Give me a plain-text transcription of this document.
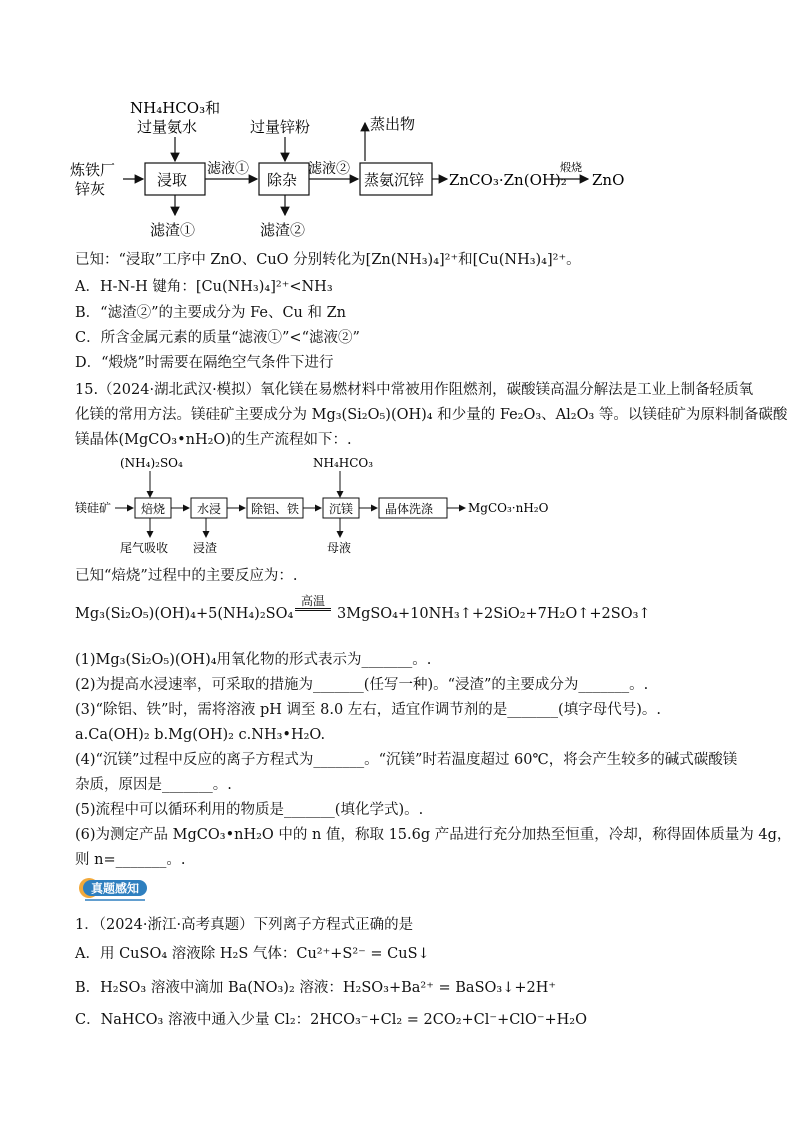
NH₄HCO₃和
过量氨水	过量锌粉	蒸出物
炼铁厂
锌灰	浸取
滤液①
除杂
滤液②
蒸氨沉锌 ZnCO₃·Zn(OH)₂
煅烧
ZnO
滤渣①	滤渣②
已知：“浸取”工序中 ZnO、CuO 分别转化为[Zn(NH₃)₄]²⁺和[Cu(NH₃)₄]²⁺。
A．H-N-H 键角：[Cu(NH₃)₄]²⁺<NH₃
B．“滤渣②”的主要成分为 Fe、Cu 和 Zn
C．所含金属元素的质量“滤液①”<“滤液②”
D．“煅烧”时需要在隔绝空气条件下进行
15.（2024·湖北武汉·模拟）氧化镁在易燃材料中常被用作阻燃剂，碳酸镁高温分解法是工业上制备轻质氧
化镁的常用方法。镁硅矿主要成分为 Mg₃(Si₂O₅)(OH)₄ 和少量的 Fe₂O₃、Al₂O₃ 等。以镁硅矿为原料制备碳酸
镁晶体(MgCO₃•nH₂O)的生产流程如下：.
(NH₄)₂SO₄	NH₄HCO₃
镁硅矿 焙烧	水浸 除铝、铁 沉镁	晶体洗涤	MgCO₃·nH₂O
尾气吸收 浸渣	母液
已知“焙烧”过程中的主要反应为：.
Mg₃(Si₂O₅)(OH)₄+5(NH₄)₂SO₄
高温
3MgSO₄+10NH₃↑+2SiO₂+7H₂O↑+2SO₃↑
(1)Mg₃(Si₂O₅)(OH)₄用氧化物的形式表示为_______。.
(2)为提高水浸速率，可采取的措施为_______(任写一种)。“浸渣”的主要成分为_______。.
(3)“除铝、铁”时，需将溶液 pH 调至 8.0 左右，适宜作调节剂的是_______(填字母代号)。.
a.Ca(OH)₂ b.Mg(OH)₂ c.NH₃•H₂O.
(4)“沉镁”过程中反应的离子方程式为_______。“沉镁”时若温度超过 60℃，将会产生较多的碱式碳酸镁
杂质，原因是_______。.
(5)流程中可以循环利用的物质是_______(填化学式)。.
(6)为测定产品 MgCO₃•nH₂O 中的 n 值，称取 15.6g 产品进行充分加热至恒重，冷却，称得固体质量为 4g，
则 n=_______。.
真题感知
1．（2024·浙江·高考真题）下列离子方程式正确的是
A．用 CuSO₄ 溶液除 H₂S 气体：Cu²⁺+S²⁻ = CuS↓
B．H₂SO₃ 溶液中滴加 Ba(NO₃)₂ 溶液：H₂SO₃+Ba²⁺ = BaSO₃↓+2H⁺
C．NaHCO₃ 溶液中通入少量 Cl₂：2HCO₃⁻+Cl₂ = 2CO₂+Cl⁻+ClO⁻+H₂O
